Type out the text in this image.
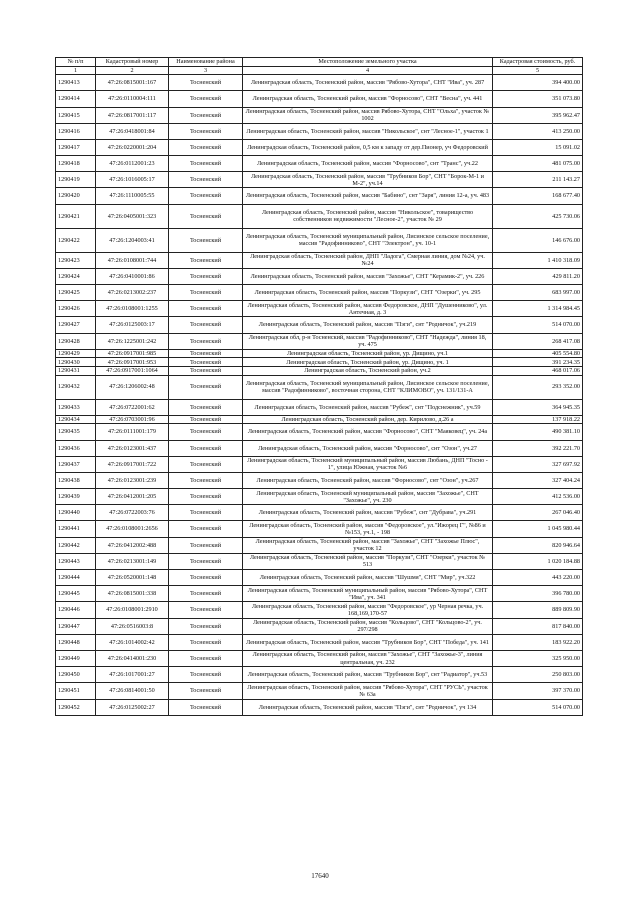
№ п/п	Кадастровый номер	Наименование района	Местоположение земельного участка	Кадастровая стоимость, руб.
1	2	3	4	5
1290413	47:26:0815001:167	Тосненский	Ленинградская область, Тосненский район, массив "Рябово-Хутора", СНТ "Ива", уч. 287	394 400.00
1290414	47:26:0110004:111	Тосненский	Ленинградская область, Тосненский район, массив "Форносово", СНТ "Весна", уч. 441	351 073.80
1290415	47:26:0817001:117	Тосненский	Ленинградская область, Тосненский район, массив Рябово-Хутора, СНТ "Ольха", участок № 1002	395 962.47
1290416	47:26:0418001:84	Тосненский	Ленинградская область, Тосненский район, массив "Никольское", снт "Лесное-1", участок 1	413 250.00
1290417	47:26:0220001:204	Тосненский	Ленинградская область, Тосненский район, 0,5 км к западу от дер.Пионер, уч Федоровский	15 091.02
1290418	47:26:0112001:23	Тосненский	Ленинградская область, Тосненский район, массив "Форносово", снт "Транс", уч.22	481 075.00
1290419	47:26:1016005:17	Тосненский	Ленинградская область, Тосненский район, массив "Трубников Бор", СНТ "Борок-М-1 и М-2", уч.14	211 143.27
1290420	47:26:1110005:55	Тосненский	Ленинградская область, Тосненский район, массив "Бабино", снт "Заря", линия 12-а, уч. 483	168 677.40
1290421	47:26:0405001:323	Тосненский	Ленинградская область, Тосненский район, массив "Никольское", товарищество собственников недвижимости "Лесное-2", участок № 29	425 730.06
1290422	47:26:1204003:41	Тосненский	Ленинградская область, Тосненский муниципальный район, Лисинское сельское поселение, массив "Радофинниково", СНТ "Электрон", уч. 10-1	146 676.00
1290423	47:26:0108001:744	Тосненский	Ленинградская область, Тосненский район, ДНП "Ладога", Смерная линия, дом №24, уч. №24	1 410 318.09
1290424	47:26:0410001:86	Тосненский	Ленинградская область, Тосненский район, массив "Захожье", СНТ "Керамик-2", уч. 226	429 811.20
1290425	47:26:0213002:237	Тосненский	Ленинградская область, Тосненский район, массив "Поркузи", СНТ "Озерки", уч. 295	683 997.00
1290426	47:26:0108001:1255	Тосненский	Ленинградская область, Тосненский район, массив Федоровское, ДНП "Душенниково", ул. Антечная, д. 3	1 314 984.45
1290427	47:26:0125003:17	Тосненский	Ленинградская область, Тосненский район, массив "Пэги", снт "Родничок", уч.219	514 070.00
1290428	47:26:1225001:242	Тосненский	Ленинградская обл, р-н Тосненский, массив "Радофинниково", СНТ "Надежда", линия 18, уч. 475	268 417.08
1290429	47:26:0917001:985	Тосненский	Ленинградская область, Тосненский район, ур. Дищино, уч.1	405 554.80
1290430	47:26:0917001:953	Тосненский	Ленинградская область, Тосненский район, ур. Дищино, уч. 1	391 234.35
1290431	47:26:0917001:1064	Тосненский	Ленинградская область, Тосненский район, уч.2	468 017.06
1290432	47:26:1206002:48	Тосненский	Ленинградская область, Тосненский муниципальный район, Лисинское сельское поселение, массив "Радофинниково", восточная сторона, СНТ "КЛИМОВО", уч. 131/131-А	293 352.00
1290433	47:26:0722001:62	Тосненский	Ленинградская область, Тосненский район, массив "Рубеж", снт "Подснежник", уч.59	364 945.35
1290434	47:26:0703001:96	Тосненский	Ленинградская область, Тосненский район, дер. Кирилово, д.26 а	137 918.22
1290435	47:26:0111001:179	Тосненский	Ленинградская область, Тосненский район, массив "Форносово", СНТ "Маяковец", уч. 24а	490 381.10
1290436	47:26:0123001:437	Тосненский	Ленинградская область, Тосненский район, массив "Форносово", снт "Озон", уч.27	392 221.70
1290437	47:26:0917001:722	Тосненский	Ленинградская область, Тосненский муниципальный район, массив Любань, ДНП "Тосно - 1", улица Южная, участок №6	327 697.92
1290438	47:26:0123001:239	Тосненский	Ленинградская область, Тосненский район, массив "Форносово", снт "Озон", уч.267	327 404.24
1290439	47:26:0412001:205	Тосненский	Ленинградская область, Тосненский муниципальный район, массив "Захожье", СНТ "Захожье", уч. 230	412 536.00
1290440	47:26:0722003:76	Тосненский	Ленинградская область, Тосненский район, массив "Рубеж", снт "Дубрава", уч.291	267 046.40
1290441	47:26:0108001:2656	Тосненский	Ленинградская область, Тосненский район, массив "Федоровское", ул."Ижорец Г", №86 и №153, уч.1, - 198	1 045 980.44
1290442	47:26:0412002:488	Тосненский	Ленинградская область, Тосненский район, массив "Захожье", СНТ "Захожье Плюс", участок 12	820 946.64
1290443	47:26:0213001:149	Тосненский	Ленинградская область, Тосненский район, массив "Поркузи", СНТ "Озерки", участок № 513	1 020 184.88
1290444	47:26:0520001:148	Тосненский	Ленинградская область, Тосненский район, массив "Шушмя", СНТ "Мир", уч.322	443 220.00
1290445	47:26:0815001:338	Тосненский	Ленинградская область, Тосненский муниципальный район, массив "Рябово-Хутора", СНТ "Ива", уч. 341	396 780.00
1290446	47:26:0108001:2910	Тосненский	Ленинградская область, Тосненский район, массив "Федоровское", ур Черная речка, уч. 168,169,170-57	889 809.90
1290447	47:26:0516003:8	Тосненский	Ленинградская область, Тосненский район, массив "Кольцово", СНТ "Кольцово-2", уч. 297/298	817 840.00
1290448	47:26:1014002:42	Тосненский	Ленинградская область, Тосненский район, массив "Трубников Бор", СНТ "Победа", уч. 141	183 922.20
1290449	47:26:0414001:230	Тосненский	Ленинградская область, Тосненский район, массив "Захожье", СНТ "Захожье-3", линия центральная, уч. 232	325 950.00
1290450	47:26:1017001:27	Тосненский	Ленинградская область, Тосненский район, массив "Трубников Бор", снт "Радиатор", уч.53	250 803.00
1290451	47:26:0814001:50	Тосненский	Ленинградская область, Тосненский район, массив "Рябово-Хутора", СНТ "РУСЬ", участок № 63а	397 370.00
1290452	47:26:0125002:27	Тосненский	Ленинградская область, Тосненский район, массив "Пэги", снт "Родничок", уч 134	514 070.00
17640
